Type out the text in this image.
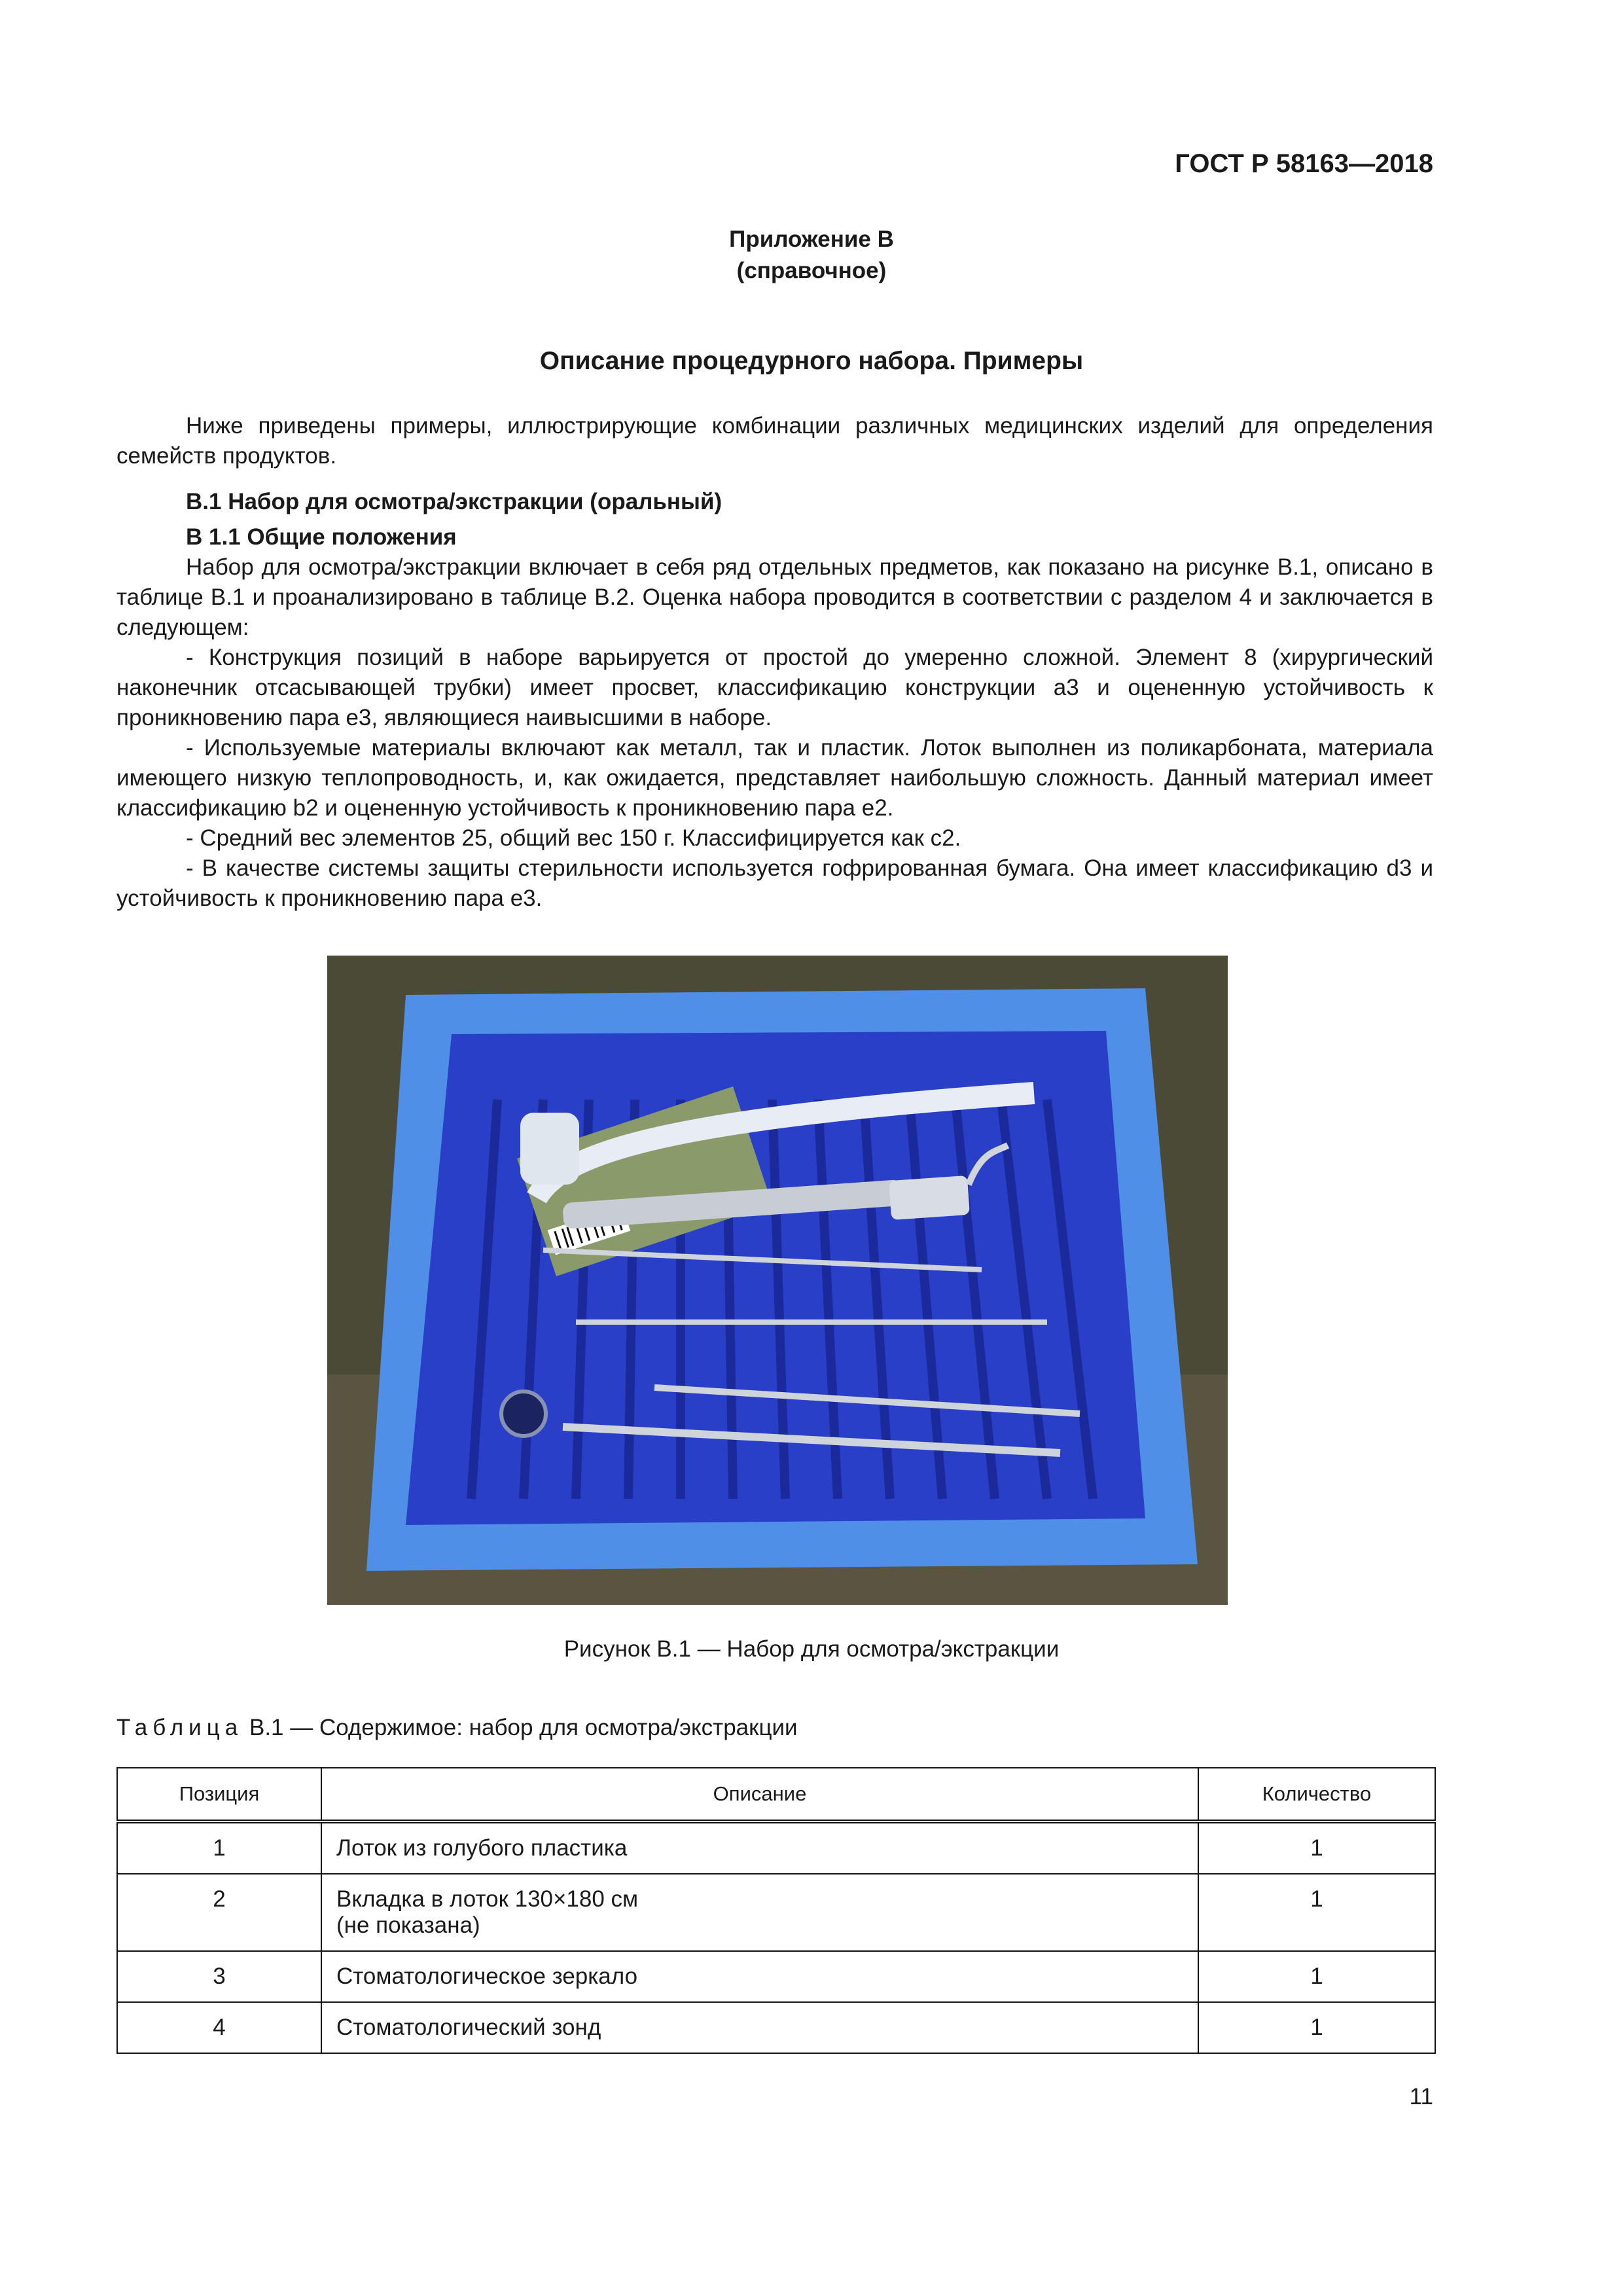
ГОСТ Р 58163—2018
Приложение В
(справочное)
Описание процедурного набора. Примеры

Ниже приведены примеры, иллюстрирующие комбинации различных медицинских изделий для определения семейств продуктов.

В.1 Набор для осмотра/экстракции (оральный)

В 1.1 Общие положения

Набор для осмотра/экстракции включает в себя ряд отдельных предметов, как показано на рисунке В.1, описано в таблице В.1 и проанализировано в таблице В.2. Оценка набора проводится в соответствии с разделом 4 и заключается в следующем:

- Конструкция позиций в наборе варьируется от простой до умеренно сложной. Элемент 8 (хирургический наконечник отсасывающей трубки) имеет просвет, классификацию конструкции а3 и оцененную устойчивость к проникновению пара е3, являющиеся наивысшими в наборе.

- Используемые материалы включают как металл, так и пластик. Лоток выполнен из поликарбоната, материала имеющего низкую теплопроводность, и, как ожидается, представляет наибольшую сложность. Данный материал имеет классификацию b2 и оцененную устойчивость к проникновению пара е2.

- Средний вес элементов 25, общий вес 150 г. Классифицируется как с2.

- В качестве системы защиты стерильности используется гофрированная бумага. Она имеет классификацию d3 и устойчивость к проникновению пара е3.

Рисунок В.1 — Набор для осмотра/экстракции
Таблица В.1 — Содержимое: набор для осмотра/экстракции
Позиция	Описание	Количество
1	Лоток из голубого пластика	1
2	Вкладка в лоток 130×180 см
(не показана)	1
3	Стоматологическое зеркало	1
4	Стоматологический зонд	1
11
